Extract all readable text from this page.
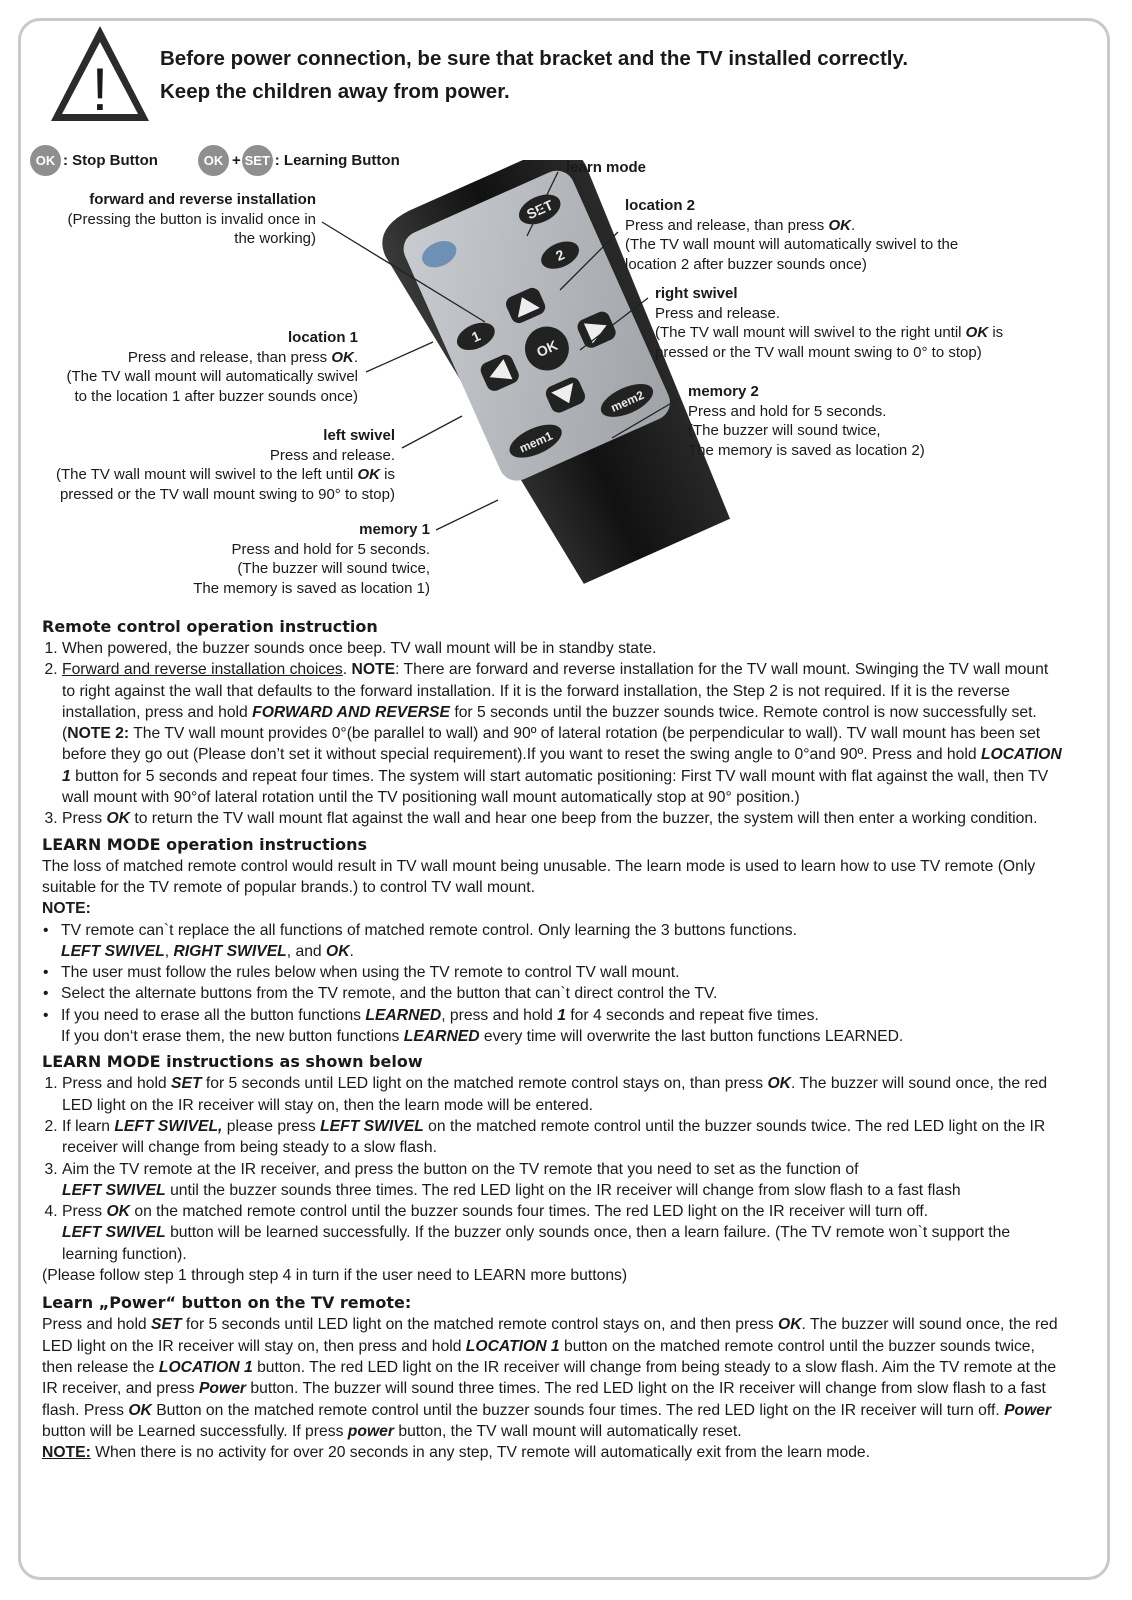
!	Before power connection, be sure that bracket and the TV installed correctly.
Keep the children away from power.
OK : Stop Button	OK + SET : Learning Button
SET
2
1
OK
mem1
mem2
learn mode
forward and reverse installation
(Pressing the button is invalid once in
the working)
location 2
Press and release, than press OK.
(The TV wall mount will automatically swivel to the
location 2 after buzzer sounds once)
right swivel
Press and release.
(The TV wall mount will swivel to the right until OK is
pressed or the TV wall mount swing to 0° to stop)
location 1
Press and release, than press OK.
(The TV wall mount will automatically swivel
to the location 1 after buzzer sounds once)	memory 2
Press and hold for 5 seconds.
(The buzzer will sound twice,
The memory is saved as location 2)
left swivel
Press and release.
(The TV wall mount will swivel to the left until OK is
pressed or the TV wall mount swing to 90° to stop)
memory 1
Press and hold for 5 seconds.
(The buzzer will sound twice,
The memory is saved as location 1)
Remote control operation instruction
1. When powered, the buzzer sounds once beep. TV wall mount will be in standby state.
2. Forward and reverse installation choices. NOTE: There are forward and reverse installation for the TV wall mount. Swinging the TV wall mount to right against the wall that defaults to the forward installation. If it is the forward installation, the Step 2 is not required. If it is the reverse installation, press and hold FORWARD AND REVERSE for 5 seconds until the buzzer sounds twice. Remote control is now successfully set. (NOTE 2: The TV wall mount provides 0°(be parallel to wall) and 90º of lateral rotation (be perpendicular to wall). TV wall mount has been set before they go out (Please don’t set it without special requirement).If you want to reset the swing angle to 0°and 90º. Press and hold LOCATION 1 button for 5 seconds and repeat four times. The system will start automatic positioning: First TV wall mount with flat against the wall, then TV wall mount with 90°of lateral rotation until the TV positioning wall mount automatically stop at 90° position.)
3. Press OK to return the TV wall mount flat against the wall and hear one beep from the buzzer, the system will then enter a working condition.
LEARN MODE operation instructions

The loss of matched remote control would result in TV wall mount being unusable. The learn mode is used to learn how to use TV remote (Only suitable for the TV remote of popular brands.) to control TV wall mount.

NOTE:

• TV remote can`t replace the all functions of matched remote control. Only learning the 3 buttons functions.
LEFT SWIVEL, RIGHT SWIVEL, and OK.
• The user must follow the rules below when using the TV remote to control TV wall mount.
• Select the alternate buttons from the TV remote, and the button that can`t direct control the TV.
• If you need to erase all the button functions LEARNED, press and hold 1 for 4 seconds and repeat five times.
If you don‘t erase them, the new button functions LEARNED every time will overwrite the last button functions LEARNED.
LEARN MODE instructions as shown below
1. Press and hold SET for 5 seconds until LED light on the matched remote control stays on, than press OK. The buzzer will sound once, the red LED light on the IR receiver will stay on, then the learn mode will be entered.
2. If learn LEFT SWIVEL, please press LEFT SWIVEL on the matched remote control until the buzzer sounds twice. The red LED light on the IR receiver will change from being steady to a slow flash.
3. Aim the TV remote at the IR receiver, and press the button on the TV remote that you need to set as the function of
LEFT SWIVEL until the buzzer sounds three times. The red LED light on the IR receiver will change from slow flash to a fast flash
4. Press OK on the matched remote control until the buzzer sounds four times. The red LED light on the IR receiver will turn off.
LEFT SWIVEL button will be learned successfully. If the buzzer only sounds once, then a learn failure. (The TV remote won`t support the learning function).

(Please follow step 1 through step 4 in turn if the user need to LEARN more buttons)

Learn „Power“ button on the TV remote:

Press and hold SET for 5 seconds until LED light on the matched remote control stays on, and then press OK. The buzzer will sound once, the red LED light on the IR receiver will stay on, then press and hold LOCATION 1 button on the matched remote control until the buzzer sounds twice, then release the LOCATION 1 button. The red LED light on the IR receiver will change from being steady to a slow flash. Aim the TV remote at the IR receiver, and press Power button. The buzzer will sound three times. The red LED light on the IR receiver will change from slow flash to a fast flash. Press OK Button on the matched remote control until the buzzer sounds four times. The red LED light on the IR receiver will turn off. Power button will be Learned successfully. If press power button, the TV wall mount will automatically reset.

NOTE: When there is no activity for over 20 seconds in any step, TV remote will automatically exit from the learn mode.
